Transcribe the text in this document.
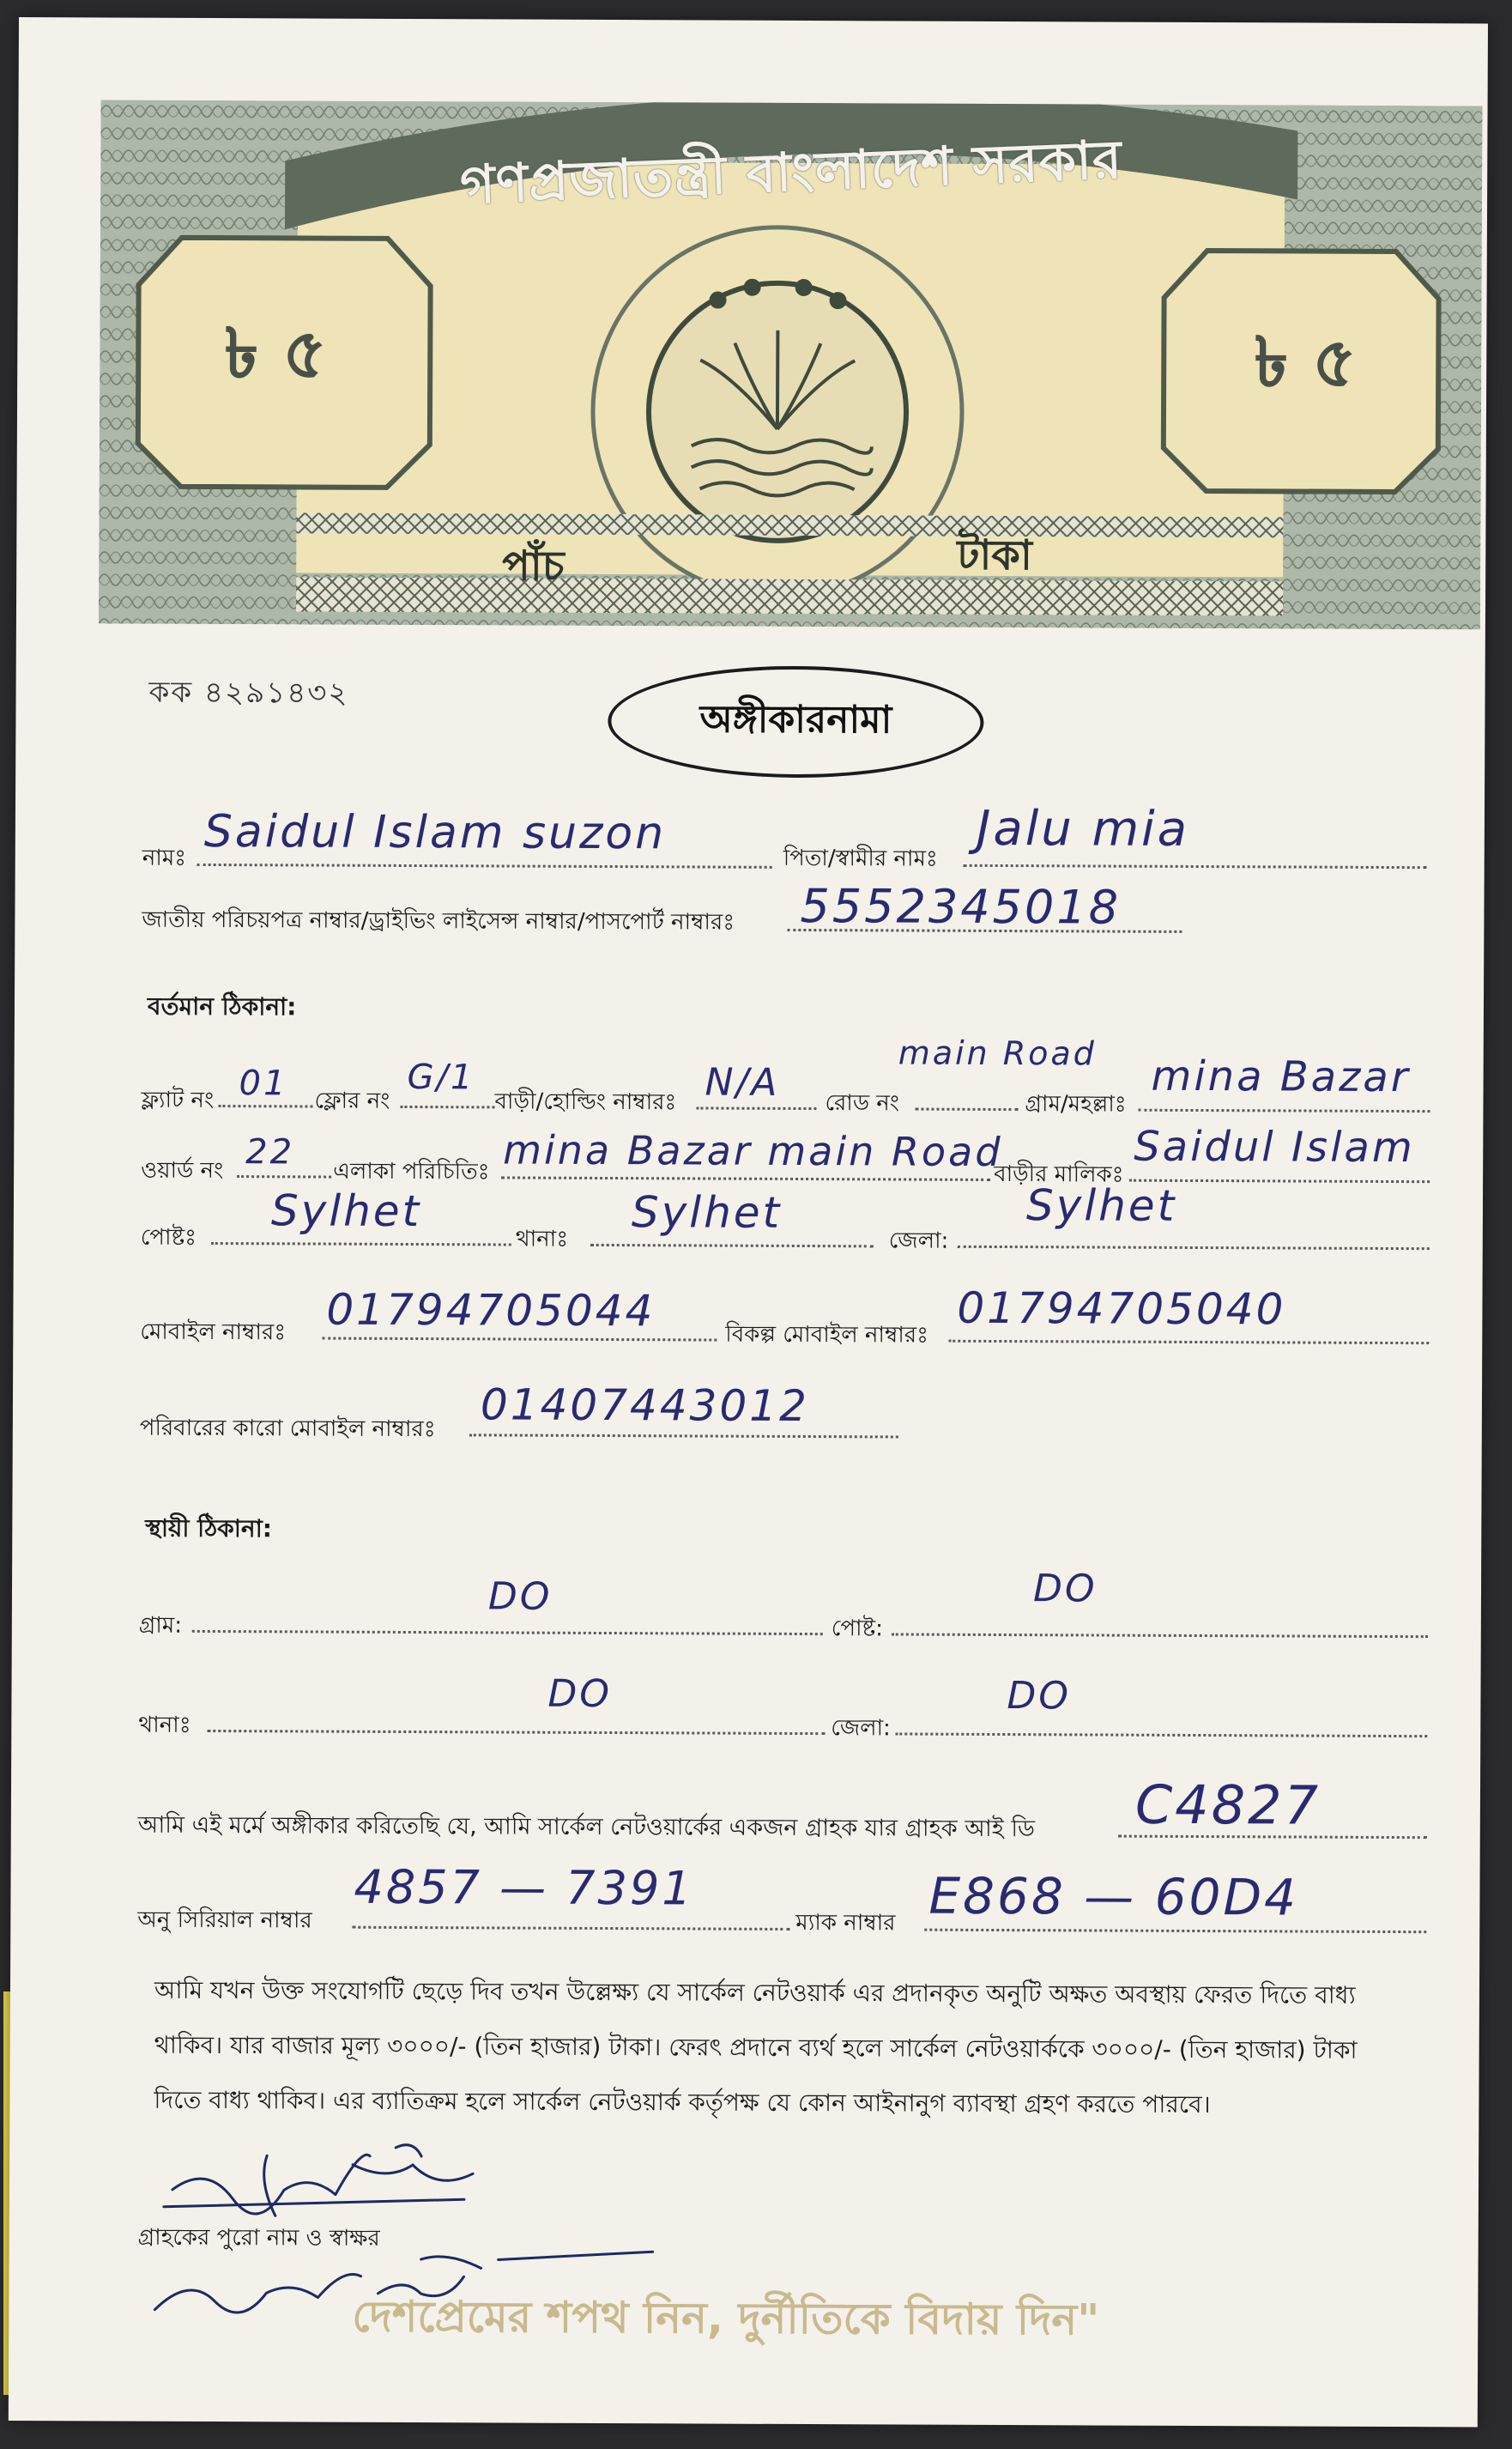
গণপ্রজাতন্ত্রী বাংলাদেশ সরকার
৳ ৫	৳ ৫
পাঁচ	টাকা
কক ৪২৯১৪৩২
অঙ্গীকারনামা
নামঃ Saidul Islam suzon	পিতা/স্বামীর নামঃ
Jalu mia
জাতীয় পরিচয়পত্র নাম্বার/ড্রাইভিং লাইসেন্স নাম্বার/পাসপোর্ট নাম্বারঃ 5552345018
বর্তমান ঠিকানা:
ফ্ল্যাট নং 01 ফ্লোর নং
G/1
বাড়ী/হোল্ডিং নাম্বারঃ N/A রোড নং
main Road
গ্রাম/মহল্লাঃ
mina Bazar
ওয়ার্ড নং 22 এলাকা পরিচিতিঃ mina Bazar main Road
বাড়ীর মালিকঃ
Saidul Islam
পোষ্টঃ
Sylhet
থানাঃ
Sylhet
জেলা:
Sylhet
মোবাইল নাম্বারঃ 01794705044	বিকল্প মোবাইল নাম্বারঃ
01794705040
পরিবারের কারো মোবাইল নাম্বারঃ 01407443012
স্থায়ী ঠিকানা:
গ্রাম:
DO
পোষ্ট:
DO
থানাঃ
DO
জেলা:
DO
আমি এই মর্মে অঙ্গীকার করিতেছি যে, আমি সার্কেল নেটওয়ার্কের একজন গ্রাহক যার গ্রাহক আই ডি C4827
অনু সিরিয়াল নাম্বার
4857 — 7391
ম্যাক নাম্বার E868 — 60D4
আমি যখন উক্ত সংযোগটি ছেড়ে দিব তখন উল্লেক্ষ্য যে সার্কেল নেটওয়ার্ক এর প্রদানকৃত অনুটি অক্ষত অবস্থায় ফেরত দিতে বাধ্য
থাকিব। যার বাজার মূল্য ৩০০০/- (তিন হাজার) টাকা। ফেরৎ প্রদানে ব্যর্থ হলে সার্কেল নেটওয়ার্ককে ৩০০০/- (তিন হাজার) টাকা
দিতে বাধ্য থাকিব। এর ব্যাতিক্রম হলে সার্কেল নেটওয়ার্ক কর্তৃপক্ষ যে কোন আইনানুগ ব্যাবস্থা গ্রহণ করতে পারবে।
গ্রাহকের পুরো নাম ও স্বাক্ষর
দেশপ্রেমের শপথ নিন, দুর্নীতিকে বিদায় দিন"
